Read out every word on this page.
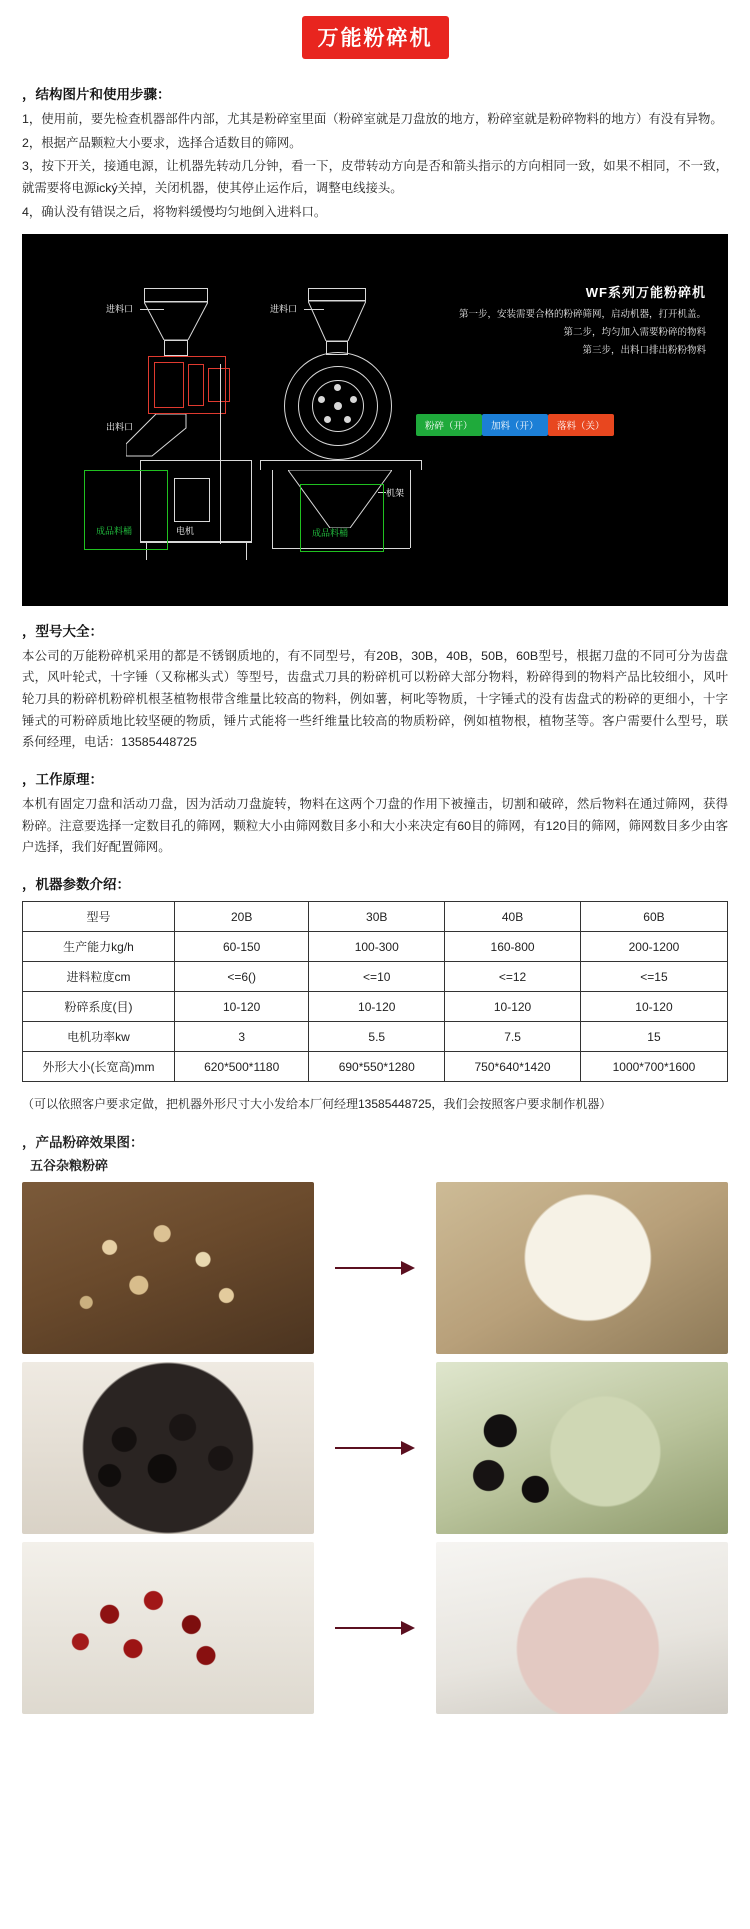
万能粉碎机
，结构图片和使用步骤：

1，使用前，要先检查机器部件内部，尤其是粉碎室里面（粉碎室就是刀盘放的地方，粉碎室就是粉碎物料的地方）有没有异物。

2，根据产品颗粒大小要求，选择合适数目的筛网。

3，按下开关，接通电源，让机器先转动几分钟，看一下，皮带转动方向是否和箭头指示的方向相同一致，如果不相同，不一致，就需要将电源ický关掉，关闭机器，使其停止运作后，调整电线接头。

4，确认没有错误之后，将物料缓慢均匀地倒入进料口。

WF系列万能粉碎机
第一步，安装需要合格的粉碎筛网，启动机器，打开机盖。
第二步，均匀加入需要粉碎的物料
第三步，出料口排出粉粉物料
进料口
出料口
电机
成品料桶
进料口
机架
成品料桶
粉碎（开）	加料（开）	落料（关）
，型号大全：

本公司的万能粉碎机采用的都是不锈钢质地的，有不同型号，有20B，30B，40B，50B，60B型号，根据刀盘的不同可分为齿盘式，风叶轮式，十字锤（又称郴头式）等型号，齿盘式刀具的粉碎机可以粉碎大部分物料，粉碎得到的物料产品比较细小，风叶轮刀具的粉碎机粉碎机根茎植物根带含维量比较高的物料，例如薯，柯叱等物质，十字锤式的没有齿盘式的粉碎的更细小，十字锤式的可粉碎质地比较坚硬的物质，锤片式能将一些纤维量比较高的物质粉碎，例如植物根，植物茎等。客户需要什么型号，联系何经理，电话：13585448725

，工作原理：

本机有固定刀盘和活动刀盘，因为活动刀盘旋转，物料在这两个刀盘的作用下被撞击，切割和破碎，然后物料在通过筛网，获得粉碎。注意要选择一定数目孔的筛网，颗粒大小由筛网数目多小和大小来决定有60目的筛网，有120目的筛网，筛网数目多少由客户选择，我们好配置筛网。

，机器参数介绍：
型号	20B	30B	40B	60B
生产能力kg/h	60-150	100-300	160-800	200-1200
进料粒度cm	<=6()	<=10	<=12	<=15
粉碎系度(目)	10-120	10-120	10-120	10-120
电机功率kw	3	5.5	7.5	15
外形大小(长宽高)mm	620*500*1180	690*550*1280	750*640*1420	1000*700*1600
（可以依照客户要求定做，把机器外形尺寸大小发给本厂何经理13585448725，我们会按照客户要求制作机器）
，产品粉碎效果图：
五谷杂粮粉碎
